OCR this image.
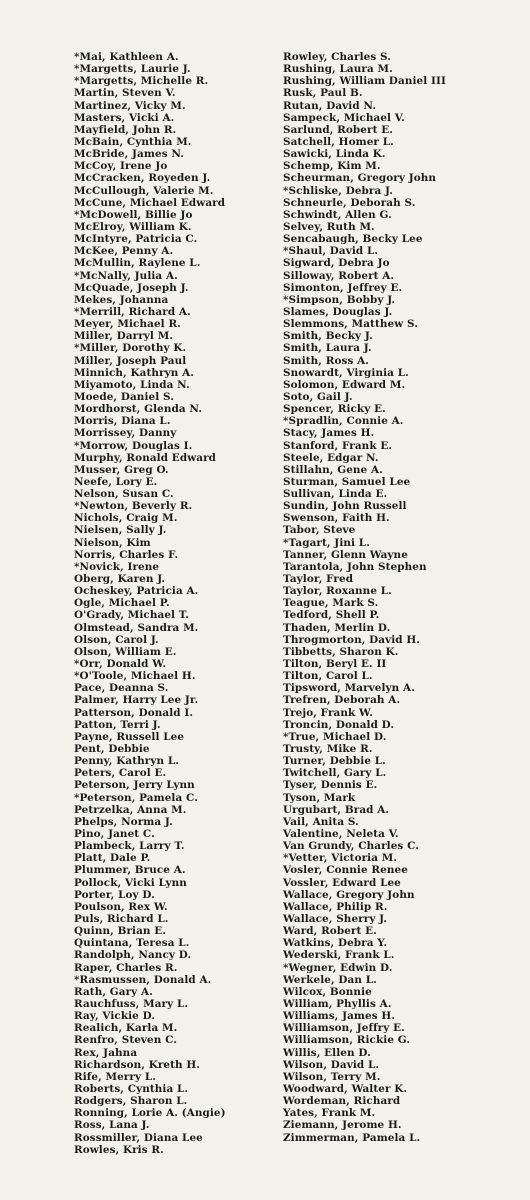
*Mai, Kathleen A.
*Margetts, Laurie J.
*Margetts, Michelle R.
Martin, Steven V.
Martinez, Vicky M.
Masters, Vicki A.
Mayfield, John R.
McBain, Cynthia M.
McBride, James N.
McCoy, Irene Jo
McCracken, Royeden J.
McCullough, Valerie M.
McCune, Michael Edward
*McDowell, Billie Jo
McElroy, William K.
McIntyre, Patricia C.
McKee, Penny A.
McMullin, Raylene L.
*McNally, Julia A.
McQuade, Joseph J.
Mekes, Johanna
*Merrill, Richard A.
Meyer, Michael R.
Miller, Darryl M.
*Miller, Dorothy K.
Miller, Joseph Paul
Minnich, Kathryn A.
Miyamoto, Linda N.
Moede, Daniel S.
Mordhorst, Glenda N.
Morris, Diana L.
Morrissey, Danny
*Morrow, Douglas I.
Murphy, Ronald Edward
Musser, Greg O.
Neefe, Lory E.
Nelson, Susan C.
*Newton, Beverly R.
Nichols, Craig M.
Nielsen, Sally J.
Nielson, Kim
Norris, Charles F.
*Novick, Irene
Oberg, Karen J.
Ocheskey, Patricia A.
Ogle, Michael P.
O'Grady, Michael T.
Olmstead, Sandra M.
Olson, Carol J.
Olson, William E.
*Orr, Donald W.
*O'Toole, Michael H.
Pace, Deanna S.
Palmer, Harry Lee Jr.
Patterson, Donald I.
Patton, Terri J.
Payne, Russell Lee
Pent, Debbie
Penny, Kathryn L.
Peters, Carol E.
Peterson, Jerry Lynn
*Peterson, Pamela C.
Petrzelka, Anna M.
Phelps, Norma J.
Pino, Janet C.
Plambeck, Larry T.
Platt, Dale P.
Plummer, Bruce A.
Pollock, Vicki Lynn
Porter, Loy D.
Poulson, Rex W.
Puls, Richard L.
Quinn, Brian E.
Quintana, Teresa L.
Randolph, Nancy D.
Raper, Charles R.
*Rasmussen, Donald A.
Rath, Gary A.
Rauchfuss, Mary L.
Ray, Vickie D.
Realich, Karla M.
Renfro, Steven C.
Rex, Jahna
Richardson, Kreth H.
Rife, Merry L.
Roberts, Cynthia L.
Rodgers, Sharon L.
Ronning, Lorie A. (Angie)
Ross, Lana J.
Rossmiller, Diana Lee
Rowles, Kris R.
Rowley, Charles S.
Rushing, Laura M.
Rushing, William Daniel III
Rusk, Paul B.
Rutan, David N.
Sampeck, Michael V.
Sarlund, Robert E.
Satchell, Homer L.
Sawicki, Linda K.
Schemp, Kim M.
Scheurman, Gregory John
*Schliske, Debra J.
Schneurle, Deborah S.
Schwindt, Allen G.
Selvey, Ruth M.
Sencabaugh, Becky Lee
*Shaul, David L.
Sigward, Debra Jo
Silloway, Robert A.
Simonton, Jeffrey E.
*Simpson, Bobby J.
Slames, Douglas J.
Slemmons, Matthew S.
Smith, Becky J.
Smith, Laura J.
Smith, Ross A.
Snowardt, Virginia L.
Solomon, Edward M.
Soto, Gail J.
Spencer, Ricky E.
*Spradlin, Connie A.
Stacy, James H.
Stanford, Frank E.
Steele, Edgar N.
Stillahn, Gene A.
Sturman, Samuel Lee
Sullivan, Linda E.
Sundin, John Russell
Swenson, Faith H.
Tabor, Steve
*Tagart, Jini L.
Tanner, Glenn Wayne
Tarantola, John Stephen
Taylor, Fred
Taylor, Roxanne L.
Teague, Mark S.
Tedford, Shell P.
Thaden, Merlin D.
Throgmorton, David H.
Tibbetts, Sharon K.
Tilton, Beryl E. II
Tilton, Carol L.
Tipsword, Marvelyn A.
Trefren, Deborah A.
Trejo, Frank W.
Troncin, Donald D.
*True, Michael D.
Trusty, Mike R.
Turner, Debbie L.
Twitchell, Gary L.
Tyser, Dennis E.
Tyson, Mark
Urgubart, Brad A.
Vail, Anita S.
Valentine, Neleta V.
Van Grundy, Charles C.
*Vetter, Victoria M.
Vosler, Connie Renee
Vossler, Edward Lee
Wallace, Gregory John
Wallace, Philip R.
Wallace, Sherry J.
Ward, Robert E.
Watkins, Debra Y.
Wederski, Frank L.
*Wegner, Edwin D.
Werkele, Dan L.
Wilcox, Bonnie
William, Phyllis A.
Williams, James H.
Williamson, Jeffry E.
Williamson, Rickie G.
Willis, Ellen D.
Wilson, David L.
Wilson, Terry M.
Woodward, Walter K.
Wordeman, Richard
Yates, Frank M.
Ziemann, Jerome H.
Zimmerman, Pamela L.
